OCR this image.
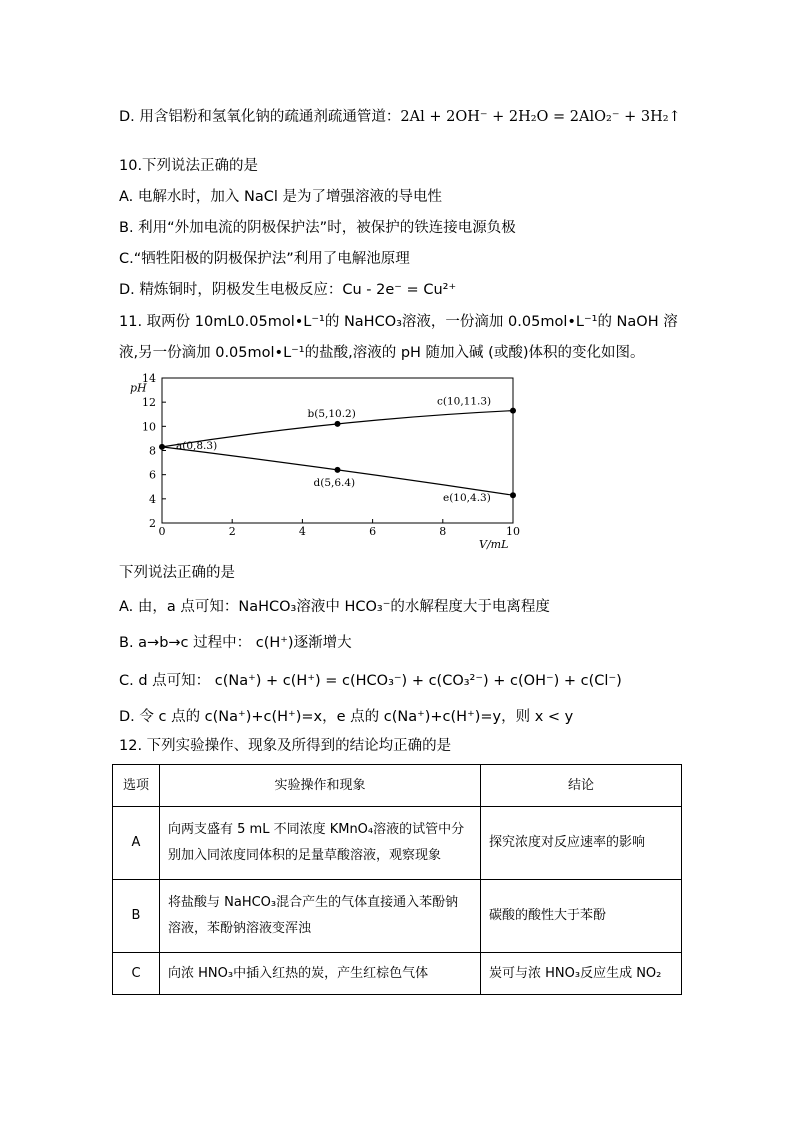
D. 用含铝粉和氢氧化钠的疏通剂疏通管道：2Al + 2OH⁻ + 2H₂O = 2AlO₂⁻ + 3H₂↑
10.下列说法正确的是
A. 电解水时，加入 NaCl 是为了增强溶液的导电性
B. 利用“外加电流的阴极保护法”时，被保护的铁连接电源负极
C.“牺牲阳极的阴极保护法”利用了电解池原理
D. 精炼铜时，阴极发生电极反应：Cu - 2e⁻ = Cu²⁺
11. 取两份 10mL0.05mol•L⁻¹的 NaHCO₃溶液，一份滴加 0.05mol•L⁻¹的 NaOH 溶
液,另一份滴加 0.05mol•L⁻¹的盐酸,溶液的 pH 随加入碱 (或酸)体积的变化如图。
2
4
6
8
10
12
14
0	2	4	6	8	10
pH
V/mL
a(0,8.3)
b(5,10.2)
c(10,11.3)
d(5,6.4)
e(10,4.3)
下列说法正确的是
A. 由，a 点可知：NaHCO₃溶液中 HCO₃⁻的水解程度大于电离程度
B. a→b→c 过程中： c(H⁺)逐渐增大
C. d 点可知： c(Na⁺) + c(H⁺) = c(HCO₃⁻) + c(CO₃²⁻) + c(OH⁻) + c(Cl⁻)
D. 令 c 点的 c(Na⁺)+c(H⁺)=x，e 点的 c(Na⁺)+c(H⁺)=y，则 x < y
12. 下列实验操作、现象及所得到的结论均正确的是
选项	实验操作和现象	结论
A	向两支盛有 5 mL 不同浓度 KMnO₄溶液的试管中分
别加入同浓度同体积的足量草酸溶液，观察现象	探究浓度对反应速率的影响
B	将盐酸与 NaHCO₃混合产生的气体直接通入苯酚钠
溶液，苯酚钠溶液变浑浊	碳酸的酸性大于苯酚
C	向浓 HNO₃中插入红热的炭，产生红棕色气体	炭可与浓 HNO₃反应生成 NO₂
